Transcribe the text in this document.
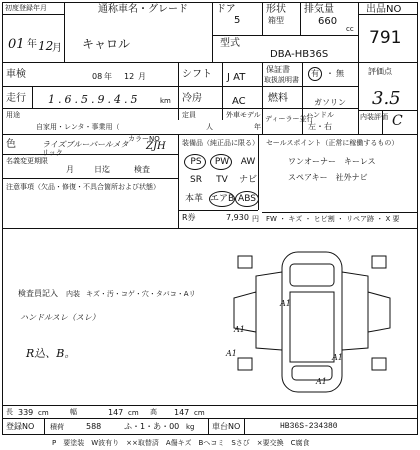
初度登録年月
01 年 12
月
通称車名・グレード
キャロル
ドア
5
形状
箱型
排気量
660
cc
型式
DBA-HB36S
出品NO
791
車検	08 年 12 月	シフト J AT
保証書
取扱説明書
有 ・ 無	評価点
3.5
走行 1.6.5.9.4.5	km 冷房	AC 燃料	ガソリン
用途
自家用・レンタ・事業用（
定員
人
外車モデル
年
ディーラー並行
ハンドル
左・右
内装評価 C
色	ライズブルーパールメタ
カラーNO
ZJH
リック
装備品（純正品に限る）
PS	PW	AW
SR	TV	ナビ
本革 エアB ABS
R券	7,930 円 FW ・ キズ ・ ヒビ割 ・ リペア跡 ・ X 要
セールスポイント（正常に稼働するもの）
ワンオーナー　キーレス
スペアキー　社外ナビ
名義変更期限
月	日迄	検査
注意事項（欠品・修復・不具合箇所および状態）
検査員記入 内装 キズ・汚・コゲ・穴・タバコ・Aリ
ハンドルスレ（スレ）
R込、B。
A1
A1	A1
A1
A1
長 339 cm	幅	147 cm 高 147 cm
登録NO 積荷	588	ふ・1・あ・00 kg 車台NO	HB36S-234380
P　要塗装　W波有り　××取替済　A傷キズ　Bへコミ　Sさび　×要交換　C腐食
